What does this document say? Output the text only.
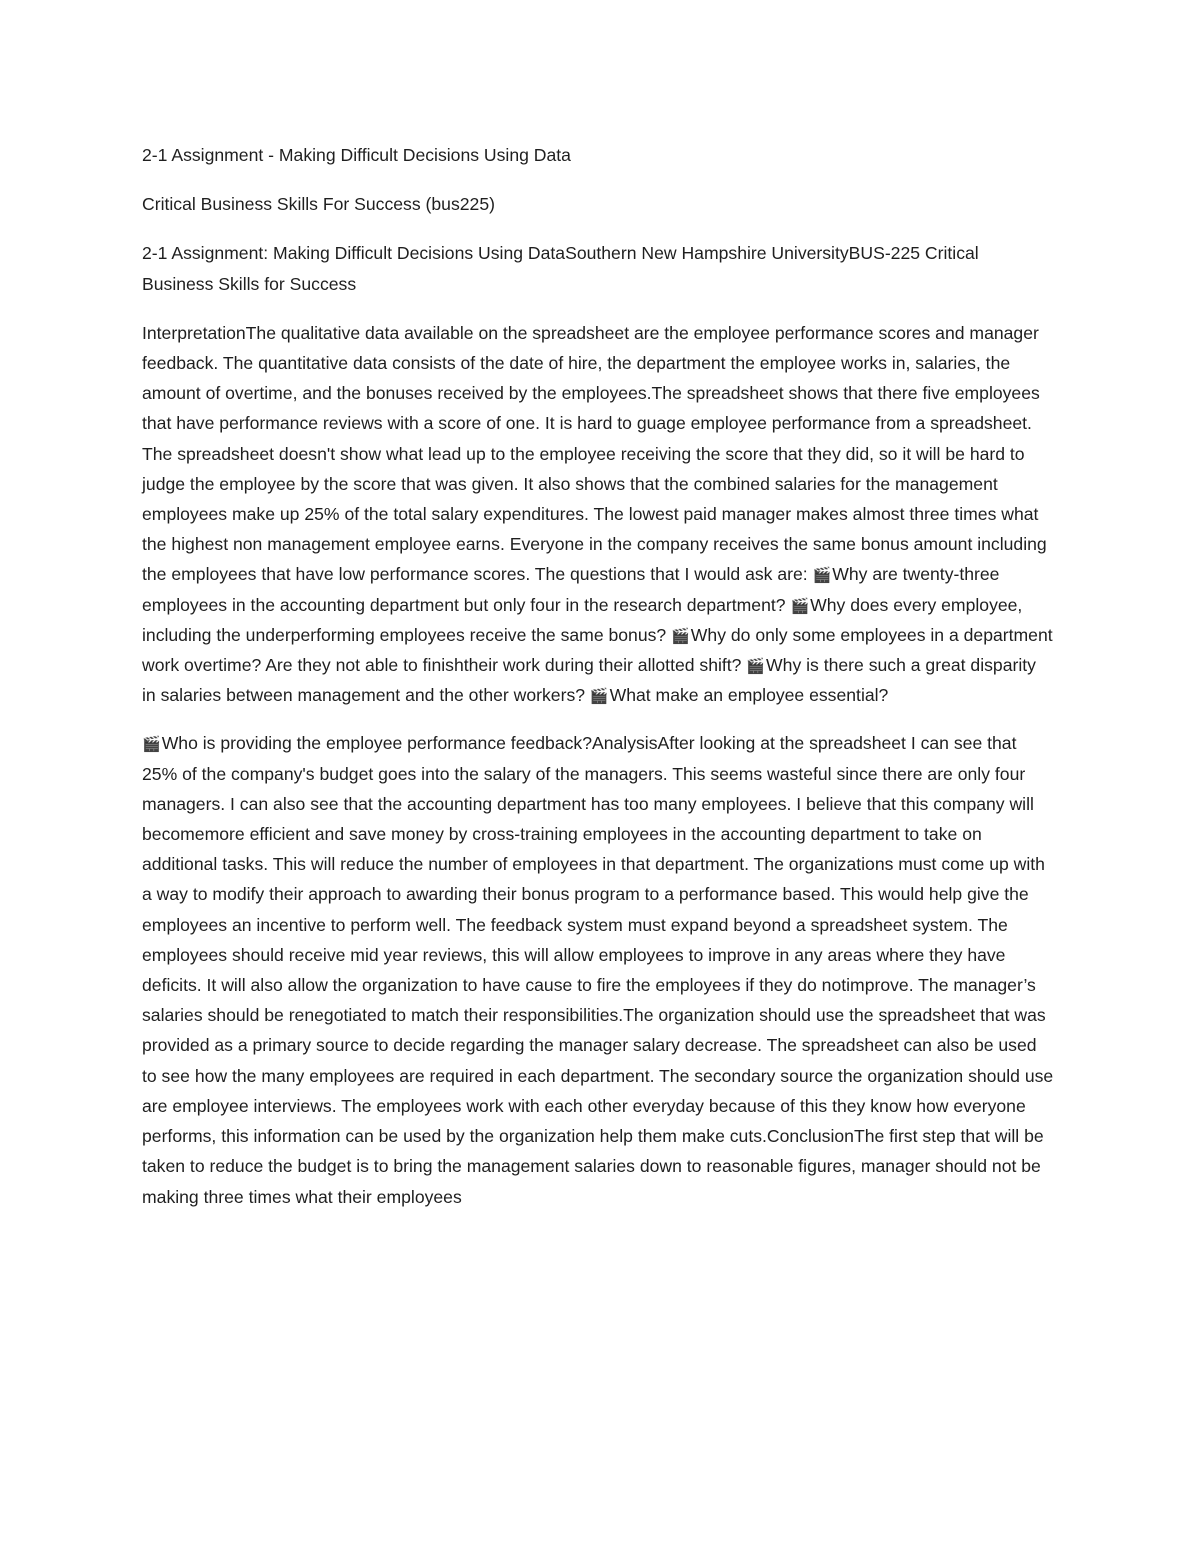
2-1 Assignment - Making Difficult Decisions Using Data

Critical Business Skills For Success (bus225)

2-1 Assignment: Making Difficult Decisions Using DataSouthern New Hampshire UniversityBUS-225 Critical Business Skills for Success

InterpretationThe qualitative data available on the spreadsheet are the employee performance scores and manager feedback. The quantitative data consists of the date of hire, the department the employee works in, salaries, the amount of overtime, and the bonuses received by the employees.The spreadsheet shows that there five employees that have performance reviews with a score of one. It is hard to guage employee performance from a spreadsheet. The spreadsheet doesn't show what lead up to the employee receiving the score that they did, so it will be hard to judge the employee by the score that was given. It also shows that the combined salaries for the management employees make up 25% of the total salary expenditures. The lowest paid manager makes almost three times what the highest non management employee earns. Everyone in the company receives the same bonus amount including the employees that have low performance scores. The questions that I would ask are: 🎬Why are twenty-three employees in the accounting department but only four in the research department? 🎬Why does every employee, including the underperforming employees receive the same bonus? 🎬Why do only some employees in a department work overtime? Are they not able to finishtheir work during their allotted shift? 🎬Why is there such a great disparity in salaries between management and the other workers? 🎬What make an employee essential?

🎬Who is providing the employee performance feedback?AnalysisAfter looking at the spreadsheet I can see that 25% of the company's budget goes into the salary of the managers. This seems wasteful since there are only four managers. I can also see that the accounting department has too many employees. I believe that this company will becomemore efficient and save money by cross-training employees in the accounting department to take on additional tasks. This will reduce the number of employees in that department. The organizations must come up with a way to modify their approach to awarding their bonus program to a performance based. This would help give the employees an incentive to perform well. The feedback system must expand beyond a spreadsheet system. The employees should receive mid year reviews, this will allow employees to improve in any areas where they have deficits. It will also allow the organization to have cause to fire the employees if they do notimprove. The manager’s salaries should be renegotiated to match their responsibilities.The organization should use the spreadsheet that was provided as a primary source to decide regarding the manager salary decrease. The spreadsheet can also be used to see how the many employees are required in each department. The secondary source the organization should use are employee interviews. The employees work with each other everyday because of this they know how everyone performs, this information can be used by the organization help them make cuts.ConclusionThe first step that will be taken to reduce the budget is to bring the management salaries down to reasonable figures, manager should not be making three times what their employees
